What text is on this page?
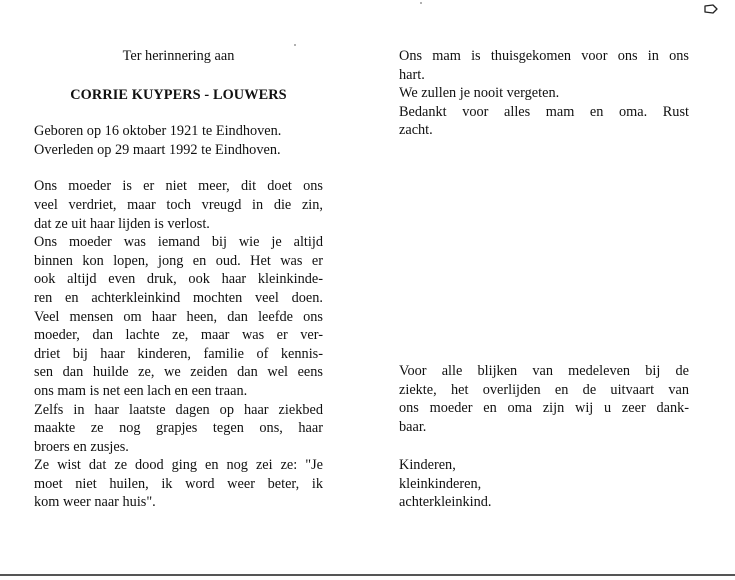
Ter herinnering aan
CORRIE KUYPERS - LOUWERS
Geboren op 16 oktober 1921 te Eindhoven.
Overleden op 29 maart 1992 te Eindhoven.
Ons moeder is er niet meer, dit doet ons
veel verdriet, maar toch vreugd in die zin,
dat ze uit haar lijden is verlost.
Ons moeder was iemand bij wie je altijd
binnen kon lopen, jong en oud. Het was er
ook altijd even druk, ook haar kleinkinde-
ren en achterkleinkind mochten veel doen.
Veel mensen om haar heen, dan leefde ons
moeder, dan lachte ze, maar was er ver-
driet bij haar kinderen, familie of kennis-
sen dan huilde ze, we zeiden dan wel eens
ons mam is net een lach en een traan.
Zelfs in haar laatste dagen op haar ziekbed
maakte ze nog grapjes tegen ons, haar
broers en zusjes.
Ze wist dat ze dood ging en nog zei ze: "Je
moet niet huilen, ik word weer beter, ik
kom weer naar huis".
Ons mam is thuisgekomen voor ons in ons
hart.
We zullen je nooit vergeten.
Bedankt voor alles mam en oma. Rust
zacht.
Voor alle blijken van medeleven bij de
ziekte, het overlijden en de uitvaart van
ons moeder en oma zijn wij u zeer dank-
baar.
Kinderen,
kleinkinderen,
achterkleinkind.
